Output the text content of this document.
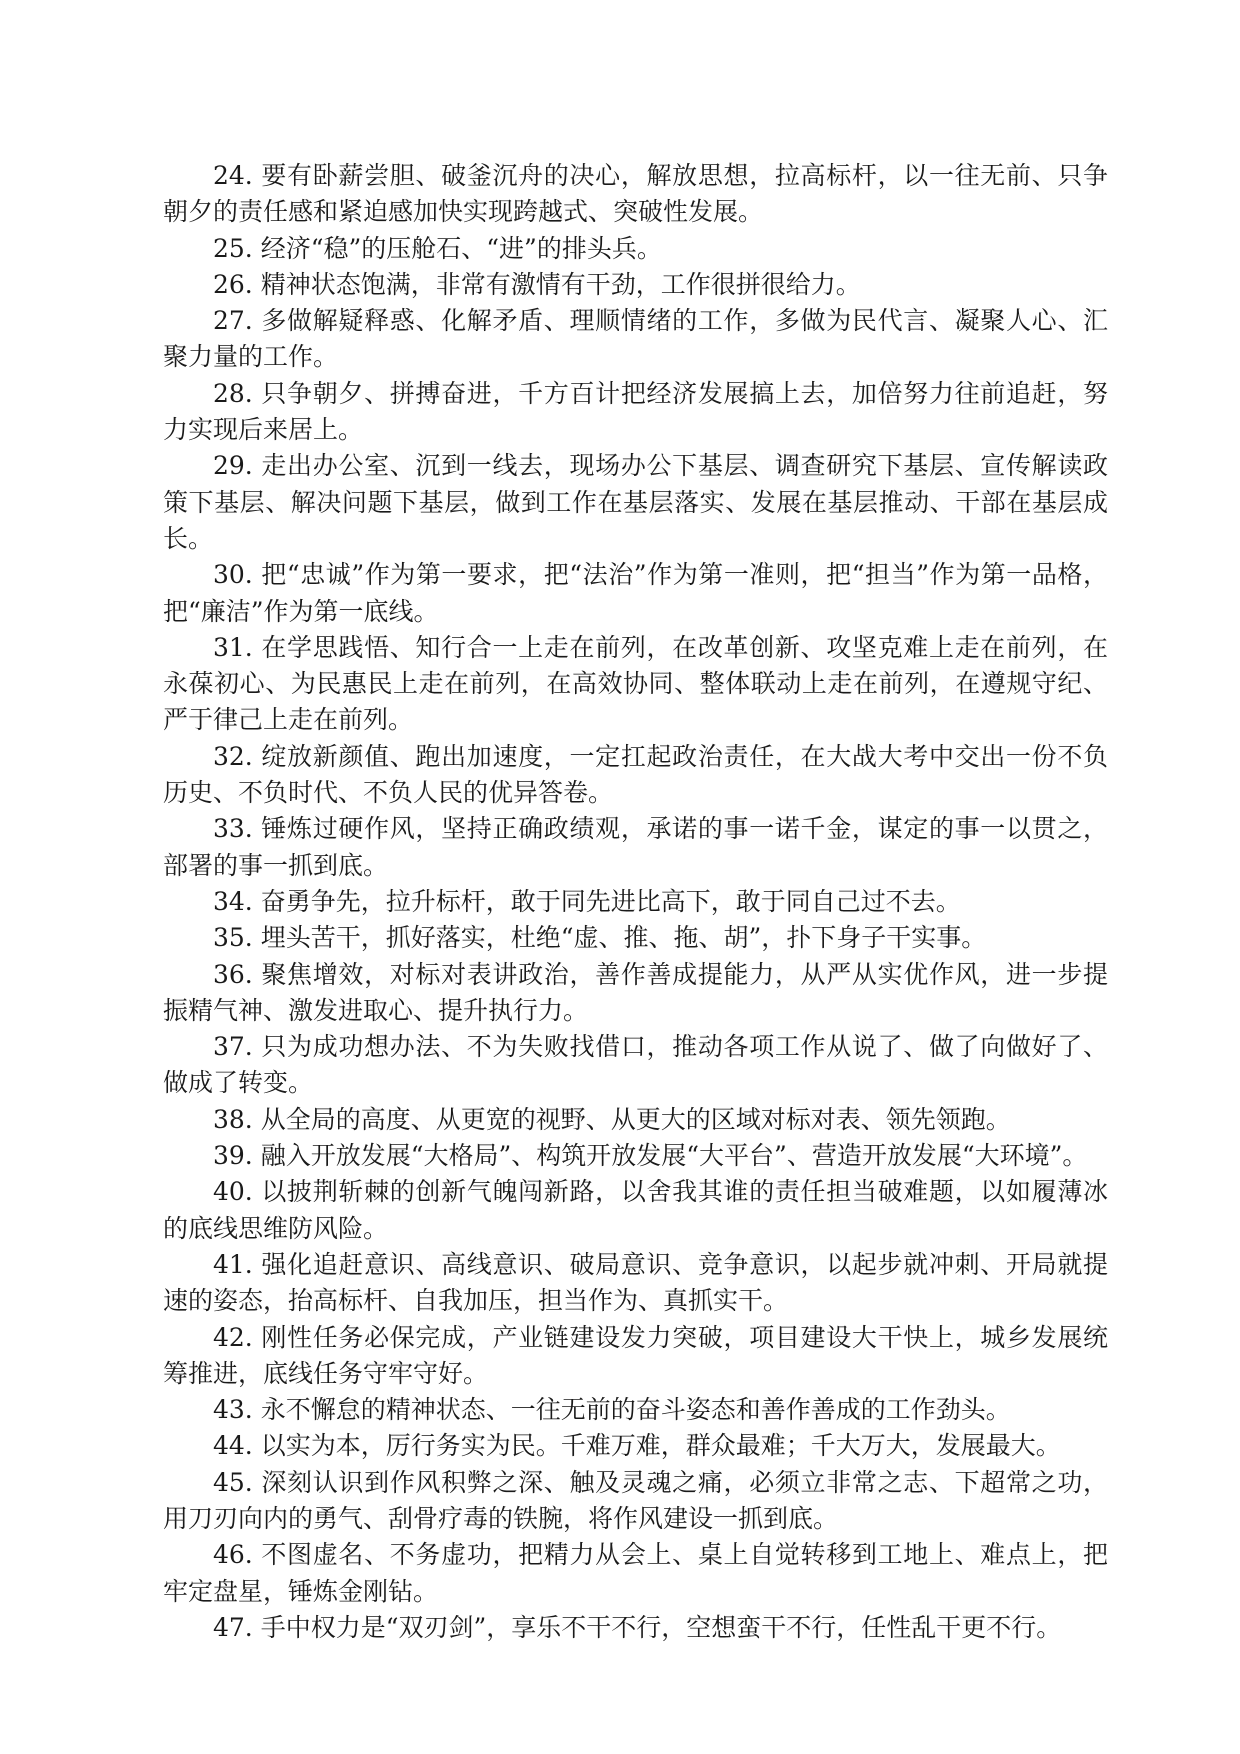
24. 要有卧薪尝胆、破釜沉舟的决心，解放思想，拉高标杆，以一往无前、只争朝夕的责任感和紧迫感加快实现跨越式、突破性发展。

25. 经济“稳”的压舱石、“进”的排头兵。

26. 精神状态饱满，非常有激情有干劲，工作很拼很给力。

27. 多做解疑释惑、化解矛盾、理顺情绪的工作，多做为民代言、凝聚人心、汇聚力量的工作。

28. 只争朝夕、拼搏奋进，千方百计把经济发展搞上去，加倍努力往前追赶，努力实现后来居上。

29. 走出办公室、沉到一线去，现场办公下基层、调查研究下基层、宣传解读政策下基层、解决问题下基层，做到工作在基层落实、发展在基层推动、干部在基层成长。

30. 把“忠诚”作为第一要求，把“法治”作为第一准则，把“担当”作为第一品格，把“廉洁”作为第一底线。

31. 在学思践悟、知行合一上走在前列，在改革创新、攻坚克难上走在前列，在永葆初心、为民惠民上走在前列，在高效协同、整体联动上走在前列，在遵规守纪、严于律己上走在前列。

32. 绽放新颜值、跑出加速度，一定扛起政治责任，在大战大考中交出一份不负历史、不负时代、不负人民的优异答卷。

33. 锤炼过硬作风，坚持正确政绩观，承诺的事一诺千金，谋定的事一以贯之，部署的事一抓到底。

34. 奋勇争先，拉升标杆，敢于同先进比高下，敢于同自己过不去。

35. 埋头苦干，抓好落实，杜绝“虚、推、拖、胡”，扑下身子干实事。

36. 聚焦增效，对标对表讲政治，善作善成提能力，从严从实优作风，进一步提振精气神、激发进取心、提升执行力。

37. 只为成功想办法、不为失败找借口，推动各项工作从说了、做了向做好了、做成了转变。

38. 从全局的高度、从更宽的视野、从更大的区域对标对表、领先领跑。

39. 融入开放发展“大格局”、构筑开放发展“大平台”、营造开放发展“大环境”。

40. 以披荆斩棘的创新气魄闯新路，以舍我其谁的责任担当破难题，以如履薄冰的底线思维防风险。

41. 强化追赶意识、高线意识、破局意识、竞争意识，以起步就冲刺、开局就提速的姿态，抬高标杆、自我加压，担当作为、真抓实干。

42. 刚性任务必保完成，产业链建设发力突破，项目建设大干快上，城乡发展统筹推进，底线任务守牢守好。

43. 永不懈怠的精神状态、一往无前的奋斗姿态和善作善成的工作劲头。

44. 以实为本，厉行务实为民。千难万难，群众最难；千大万大，发展最大。

45. 深刻认识到作风积弊之深、触及灵魂之痛，必须立非常之志、下超常之功，用刀刃向内的勇气、刮骨疗毒的铁腕，将作风建设一抓到底。

46. 不图虚名、不务虚功，把精力从会上、桌上自觉转移到工地上、难点上，把牢定盘星，锤炼金刚钻。

47. 手中权力是“双刃剑”，享乐不干不行，空想蛮干不行，任性乱干更不行。
